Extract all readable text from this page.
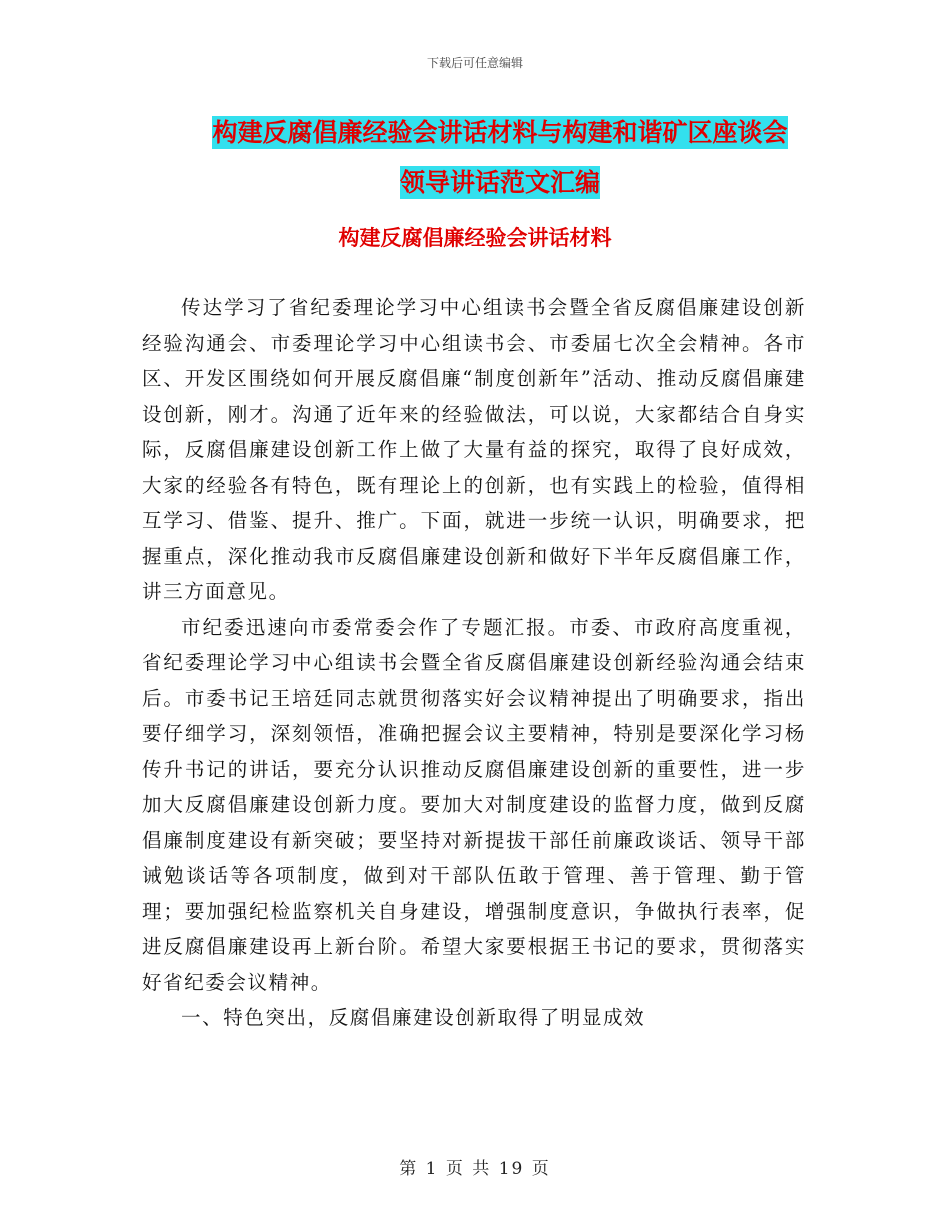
下载后可任意编辑
构建反腐倡廉经验会讲话材料与构建和谐矿区座谈会
领导讲话范文汇编
构建反腐倡廉经验会讲话材料

传达学习了省纪委理论学习中心组读书会暨全省反腐倡廉建设创新经验沟通会、市委理论学习中心组读书会、市委届七次全会精神。各市区、开发区围绕如何开展反腐倡廉“制度创新年”活动、推动反腐倡廉建设创新，刚才。沟通了近年来的经验做法，可以说，大家都结合自身实际，反腐倡廉建设创新工作上做了大量有益的探究，取得了良好成效，大家的经验各有特色，既有理论上的创新，也有实践上的检验，值得相互学习、借鉴、提升、推广。下面，就进一步统一认识，明确要求，把握重点，深化推动我市反腐倡廉建设创新和做好下半年反腐倡廉工作，讲三方面意见。

市纪委迅速向市委常委会作了专题汇报。市委、市政府高度重视，省纪委理论学习中心组读书会暨全省反腐倡廉建设创新经验沟通会结束后。市委书记王培廷同志就贯彻落实好会议精神提出了明确要求，指出要仔细学习，深刻领悟，准确把握会议主要精神，特别是要深化学习杨传升书记的讲话，要充分认识推动反腐倡廉建设创新的重要性，进一步加大反腐倡廉建设创新力度。要加大对制度建设的监督力度，做到反腐倡廉制度建设有新突破；要坚持对新提拔干部任前廉政谈话、领导干部诫勉谈话等各项制度，做到对干部队伍敢于管理、善于管理、勤于管理；要加强纪检监察机关自身建设，增强制度意识，争做执行表率，促进反腐倡廉建设再上新台阶。希望大家要根据王书记的要求，贯彻落实好省纪委会议精神。

一、特色突出，反腐倡廉建设创新取得了明显成效

第 1 页 共 19 页
